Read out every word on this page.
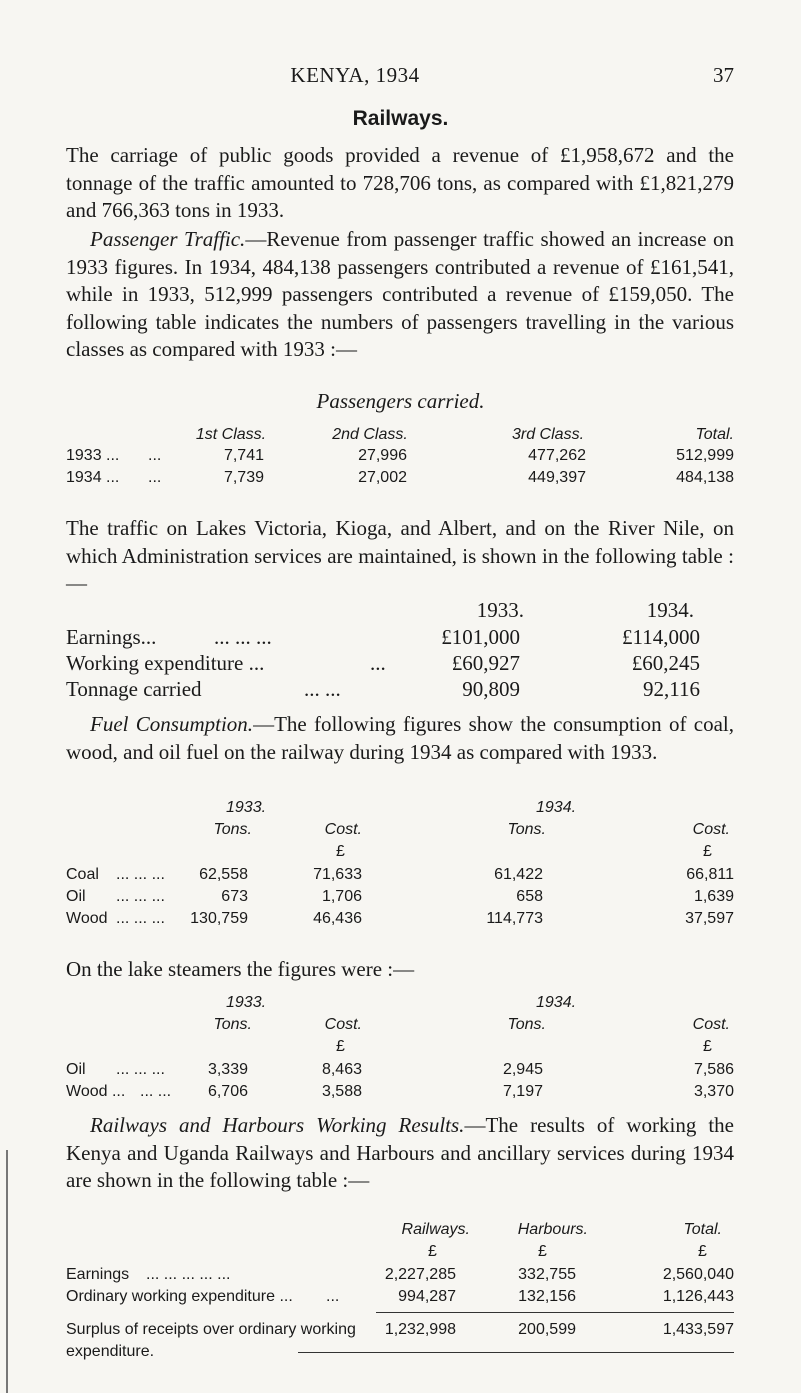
KENYA, 1934	37
Railways.
The carriage of public goods provided a revenue of £1,958,672 and the tonnage of the traffic amounted to 728,706 tons, as compared with £1,821,279 and 766,363 tons in 1933.
Passenger Traffic.—Revenue from passenger traffic showed an increase on 1933 figures. In 1934, 484,138 passengers contributed a revenue of £161,541, while in 1933, 512,999 passengers contributed a revenue of £159,050. The following table indicates the numbers of passengers travelling in the various classes as compared with 1933 :—
Passengers carried.
1st Class.	2nd Class.	3rd Class.	Total.
1933 ... ...	7,741	27,996	477,262	512,999
1934 ... ...	7,739	27,002	449,397	484,138
The traffic on Lakes Victoria, Kioga, and Albert, and on the River Nile, on which Administration services are maintained, is shown in the following table :—
1933.	1934.
Earnings...	... ... ...	£101,000	£114,000
Working expenditure ...	...	£60,927	£60,245
Tonnage carried	... ...	90,809	92,116
Fuel Consumption.—The following figures show the consumption of coal, wood, and oil fuel on the railway during 1934 as compared with 1933.
1933.	1934.
Tons.	Cost.	Tons.	Cost.
£	£
Coal ... ... ...	62,558	71,633	61,422	66,811
Oil ... ... ...	673	1,706	658	1,639
Wood ... ... ...	130,759	46,436	114,773	37,597
On the lake steamers the figures were :—
1933.	1934.
Tons.	Cost.	Tons.	Cost.
£	£
Oil ... ... ...	3,339	8,463	2,945	7,586
Wood ... ... ...	6,706	3,588	7,197	3,370
Railways and Harbours Working Results.—The results of working the Kenya and Uganda Railways and Harbours and ancillary services during 1934 are shown in the following table :—
Railways.	Harbours.	Total.
£	£	£
Earnings ... ... ... ... ...	2,227,285	332,755	2,560,040
Ordinary working expenditure ... ...	994,287	132,156	1,126,443
Surplus of receipts over ordinary working
expenditure.
1,232,998	200,599	1,433,597
